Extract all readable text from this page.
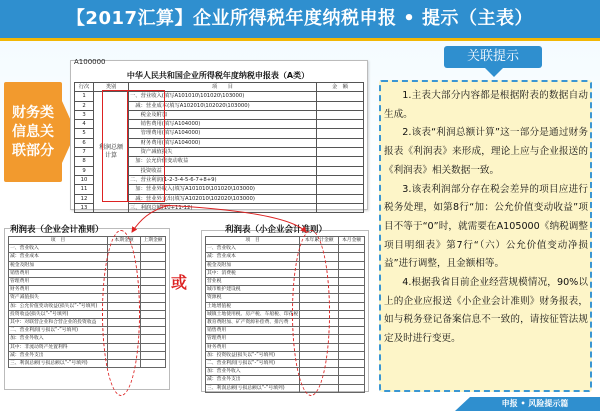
【2017汇算】企业所得税年度纳税申报 • 提示（主表）
财务类
信息关
联部分
A100000
中华人民共和国企业所得税年度纳税申报表（A类）
行次	类别	项　　目	金　额
1	利润总额计算	一、营业收入(填写A101010\101020\103000)	
2		　减：营业成本(填写A102010\102020\103000)	
3		　　税金及附加	
4		　　销售费用(填写A104000)	
5		　　管理费用(填写A104000)	
6		　　财务费用(填写A104000)	
7		　　资产减值损失	
8		　加：公允价值变动收益	
9		　　投资收益	
10		二、营业利润(1-2-3-4-5-6-7+8+9)	
11		　加：营业外收入(填写A101010\101020\103000)	
12		　减：营业外支出(填写A102010\102020\103000)	
13		三、利润总额(10+11-12)	
利润表（企业会计准则）
项　目	本期金额	上期金额
一、营业收入		
减：营业成本		
税金及附加		
销售费用		
管理费用		
财务费用		
资产减值损失		
加：公允价值变动收益(损失以“-”号填列)		
投资收益(损失以“-”号填列)		
其中：对联营企业和合营企业的投资收益		
二、营业利润(亏损以“-”号填列)		
加：营业外收入		
其中：非流动资产处置利得		
减：营业外支出		
三、利润总额(亏损总额以“-”号填列)		
利润表（小企业会计准则）
项　目	本年累计金额	本月金额
一、营业收入		
减：营业成本		
税金及附加		
其中：消费税		
营业税		
城市维护建设税		
资源税		
土地增值税		
城镇土地使用税、房产税、车船税、印花税		
教育费附加、矿产资源补偿费、排污费		
销售费用		
管理费用		
财务费用		
加：投资收益(损失以“-”号填列)		
二、营业利润(亏损以“-”号填列)		
加：营业外收入		
减：营业外支出		
三、利润总额(亏损总额以“-”号填列)		
或
关联提示

1.主表大部分内容都是根据附表的数据自动生成。

2.该表“利润总额计算”这一部分是通过财务报表《利润表》来形成，理论上应与企业报送的《利润表》相关数据一致。

3.该表利润部分存在税会差异的项目应进行税务处理，如第8行“加：公允价值变动收益”项目不等于“0”时，就需要在A105000《纳税调整项目明细表》第7行“（六）公允价值变动净损益”进行调整，且金额相等。

4.根据我省目前企业经营规模情况，90%以上的企业应报送《小企业会计准则》财务报表，如与税务登记备案信息不一致的，请按征管法规定及时进行变更。

申报 • 风险提示篇
